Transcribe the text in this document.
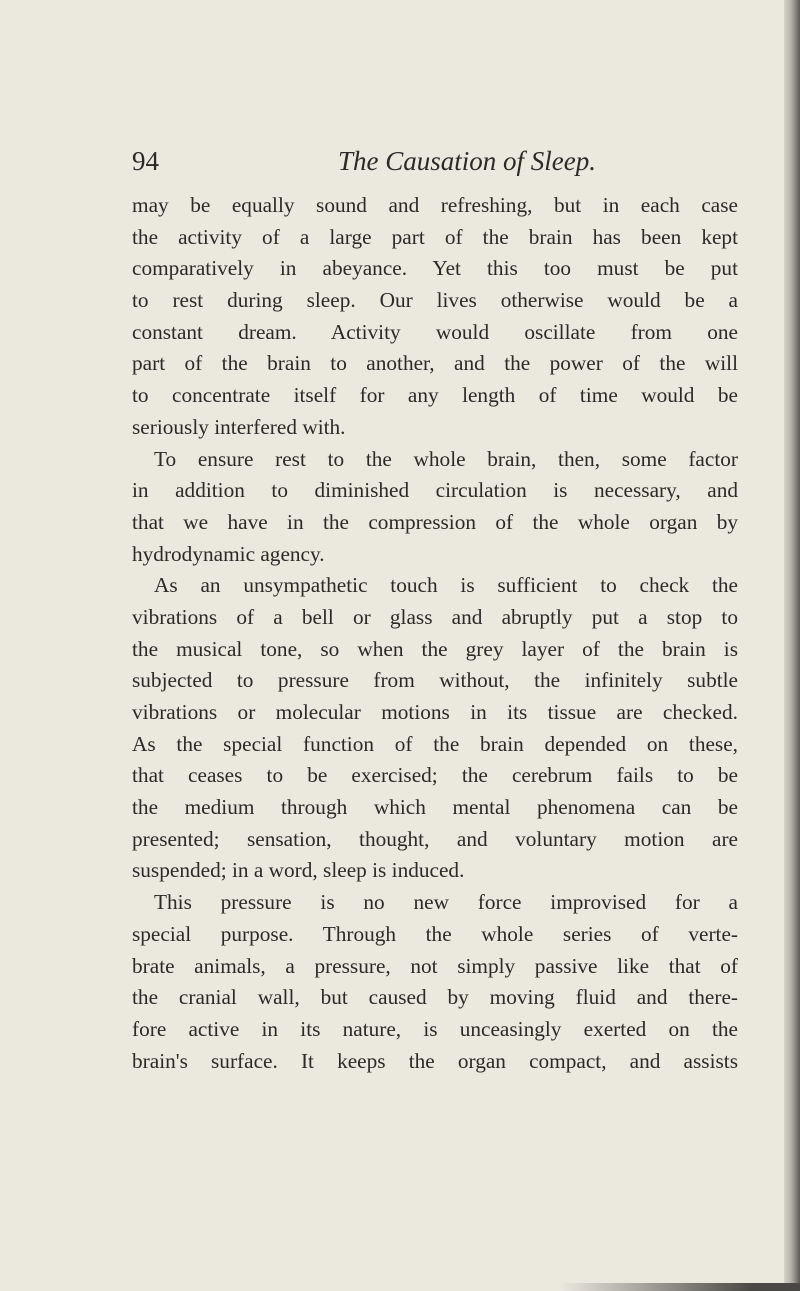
94	The Causation of Sleep.
may be equally sound and refreshing, but in each case
the activity of a large part of the brain has been kept
comparatively in abeyance. Yet this too must be put
to rest during sleep. Our lives otherwise would be a
constant dream. Activity would oscillate from one
part of the brain to another, and the power of the will
to concentrate itself for any length of time would be
seriously interfered with.
To ensure rest to the whole brain, then, some factor
in addition to diminished circulation is necessary, and
that we have in the compression of the whole organ by
hydrodynamic agency.
As an unsympathetic touch is sufficient to check the
vibrations of a bell or glass and abruptly put a stop to
the musical tone, so when the grey layer of the brain is
subjected to pressure from without, the infinitely subtle
vibrations or molecular motions in its tissue are checked.
As the special function of the brain depended on these,
that ceases to be exercised; the cerebrum fails to be
the medium through which mental phenomena can be
presented; sensation, thought, and voluntary motion are
suspended; in a word, sleep is induced.
This pressure is no new force improvised for a
special purpose. Through the whole series of verte-
brate animals, a pressure, not simply passive like that of
the cranial wall, but caused by moving fluid and there-
fore active in its nature, is unceasingly exerted on the
brain's surface. It keeps the organ compact, and assists
